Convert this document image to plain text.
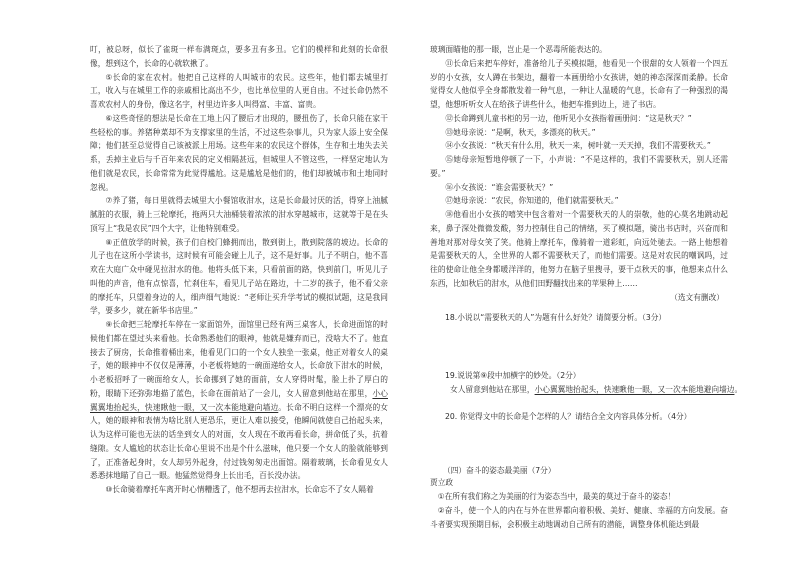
叮，被总呀，似长了雀斑一样布满斑点，要多丑有多丑。它们的模样和此刻的长命很像，想到这个，长命的心就软揪了。

⑤长命的家在农村。他把自己这样的人叫城市的农民。这些年，他们都去城里打工，收入与在城里工作的亲戚相比高出不少，也比单位里的人更自由。不过长命仍然不喜欢农村人的身份，像这名字，村里边许多人叫得富、丰富、富贵。

⑥这些奇怪的想法是长命在工地上闪了腰后才出现的，腰扭伤了，长命只能在家干些轻松的事。养猪种菜却不为支撑家里的生活，不过这些杂事儿，只为家人添上安全保障；他们甚至总觉得自己该被派上用场。这些年来的农民这个群体，生存和土地失去关系，丢掉主业后与千百年来农民的定义相隔甚远，但城里人不管这些，一样坚定地认为他们就是农民，长命常常为此觉得尴尬。这是尴尬是他们的，他们却被城市和土地同时忽视。

⑦养了猪，每日里就得去城里大小餐馆收泔水，这是长命最讨厌的活，得穿上油腻腻脏的衣服，骑上三轮摩托，拖两只大油桶装着浓浓的泔水穿越城市，这就等于是在头顶写上“我是农民”四个大字，让他特别难受。

⑧正值放学的时候，孩子们自校门蜂拥而出，散到街上，散到院落的坡边。长命的儿子也在这所小学读书，这时候有可能会碰上儿子，这不是好事。儿子不明白，他不喜欢在大庭广众中碰见拉泔水的他。他将头低下来，只看前面的路，快到前门，听见儿子叫他的声音，他有点惊喜，忙刹住车，看见儿子站在路边，十二岁的孩子，他不看父亲的摩托车，只望着身边的人，细声细气地说：“老师让买升学考试的模拟试题，这是我同学，要多少，就在新华书店里。”

⑨长命把三轮摩托车停在一家面馆外，面馆里已经有两三桌客人，长命进面馆的时候他们都在望过头来看他。长命熟悉他们的眼神，他就是嫌弃而已，没啥大不了。他直接去了厨房，长命推着桶出来，他看见门口的一个女人独坐一张桌，他正对着女人的桌子，她的眼神中不仅仅是薄薄，小老板将她的一碗面递给女人，长命放下泔水的时候，小老板招呼了一碗面给女人，长命挪到了她的面前，女人穿得时髦，脸上扑了厚白的粉，眼睛下还弥弥地描了蓝色，长命在面前站了一会儿，女人留意到他站在那里，小心翼翼地抬起头，快速瞅他一眼，又一次本能地避向墙边。长命不明白这样一个漂亮的女人，她的眼神和表情为啥比别人更恐乐，更让人难以接受，他瞬间就使自己抬起头来，认为这样可能也无法的话坐到女人的对面，女人现在不敢再看长命，拼命低了头，抗着缝隙。女人尴尬的状态让长命心里说不出是个什么滋味，他只要一个女人的脸就能够到了，正准备起身时，女人却另外起身，付过钱匆匆走出面馆。隔着玻璃，长命看见女人悉悉抹地瞄了自己一眼。他猛然觉得身上长出毛，百长没办法。

⑩长命骑着摩托车离开时心情糟透了，他不想再去拉泔水，长命忘不了女人隔着

玻璃面瞄他的那一眼，岂止是一个恶毒所能表达的。

⑪长命后来把车停好，准备给儿子买模拟题，他看见一个很甜的女人领着一个四五岁的小女孩，女人蹲在书架边，翻着一本画册给小女孩讲，她的神态深深而柔静。长命觉得女人他似乎全身都散发着一种气息，一种让人温暖的气息，长命有了一种强烈的渴望，他想听听女人在给孩子讲些什么，他把车推到边上，进了书店。

⑫长命蹲到儿童书柜的另一边，他听见小女孩指着画册问：“这是秋天？”

⑬她母亲说：“是啊，秋天，多漂亮的秋天。”

⑭小女孩说：“秋天有什么用，秋天一来，树叶就一天天掉，我们不需要秋天。”

⑮她母亲短暂地停顿了一下，小声说：“不是这样的，我们不需要秋天，别人还需要。”

⑯小女孩说：“谁会需要秋天？”

⑰她母亲说：“农民，你知道的，他们就需要秋天。”

⑱他看出小女孩的嘻笑中包含着对一个需要秋天的人的崇敬，他的心莫名地跳动起来，鼻子深处微微发酸，努力控制住自己的情绪，买了模拟题，骑出书店时，兴奋而和善地对那对母女笑了笑。他骑上摩托车，像骑着一道彩虹，向远处驰去。一路上他想着是需要秋天的人，全世界的人都不需要秋天了，而他们需要。这是对农民的嘲讽吗，过往的使命让他全身都暖洋洋的，他努力在脑子里搜寻，要干点秋天的事，他想来点什么东西，比如秋后的泔水，从他们田野翻找出来的苹果种上……

（选文有删改）

18.小说以“需要秋天的人”为题有什么好处？请简要分析。（3分）
19.说说第⑨段中加横字的妙处。（2分）
女人留意到他站在那里，小心翼翼地抬起头，快速瞅他一眼，又一次本能地避向墙边。
20. 你觉得文中的长命是个怎样的人？请结合全文内容具体分析。（4分）
（四）奋斗的姿态最美丽（7分）
贾立政
①在所有我们称之为美丽的行为姿态当中，最美的莫过于奋斗的姿态！
②奋斗，使一个人的内在与外在世界都向着积极、美好、健康、幸福的方向发展。奋斗者要实现预期目标，会积极主动地调动自己所有的潜能，调整身体机能达到最
